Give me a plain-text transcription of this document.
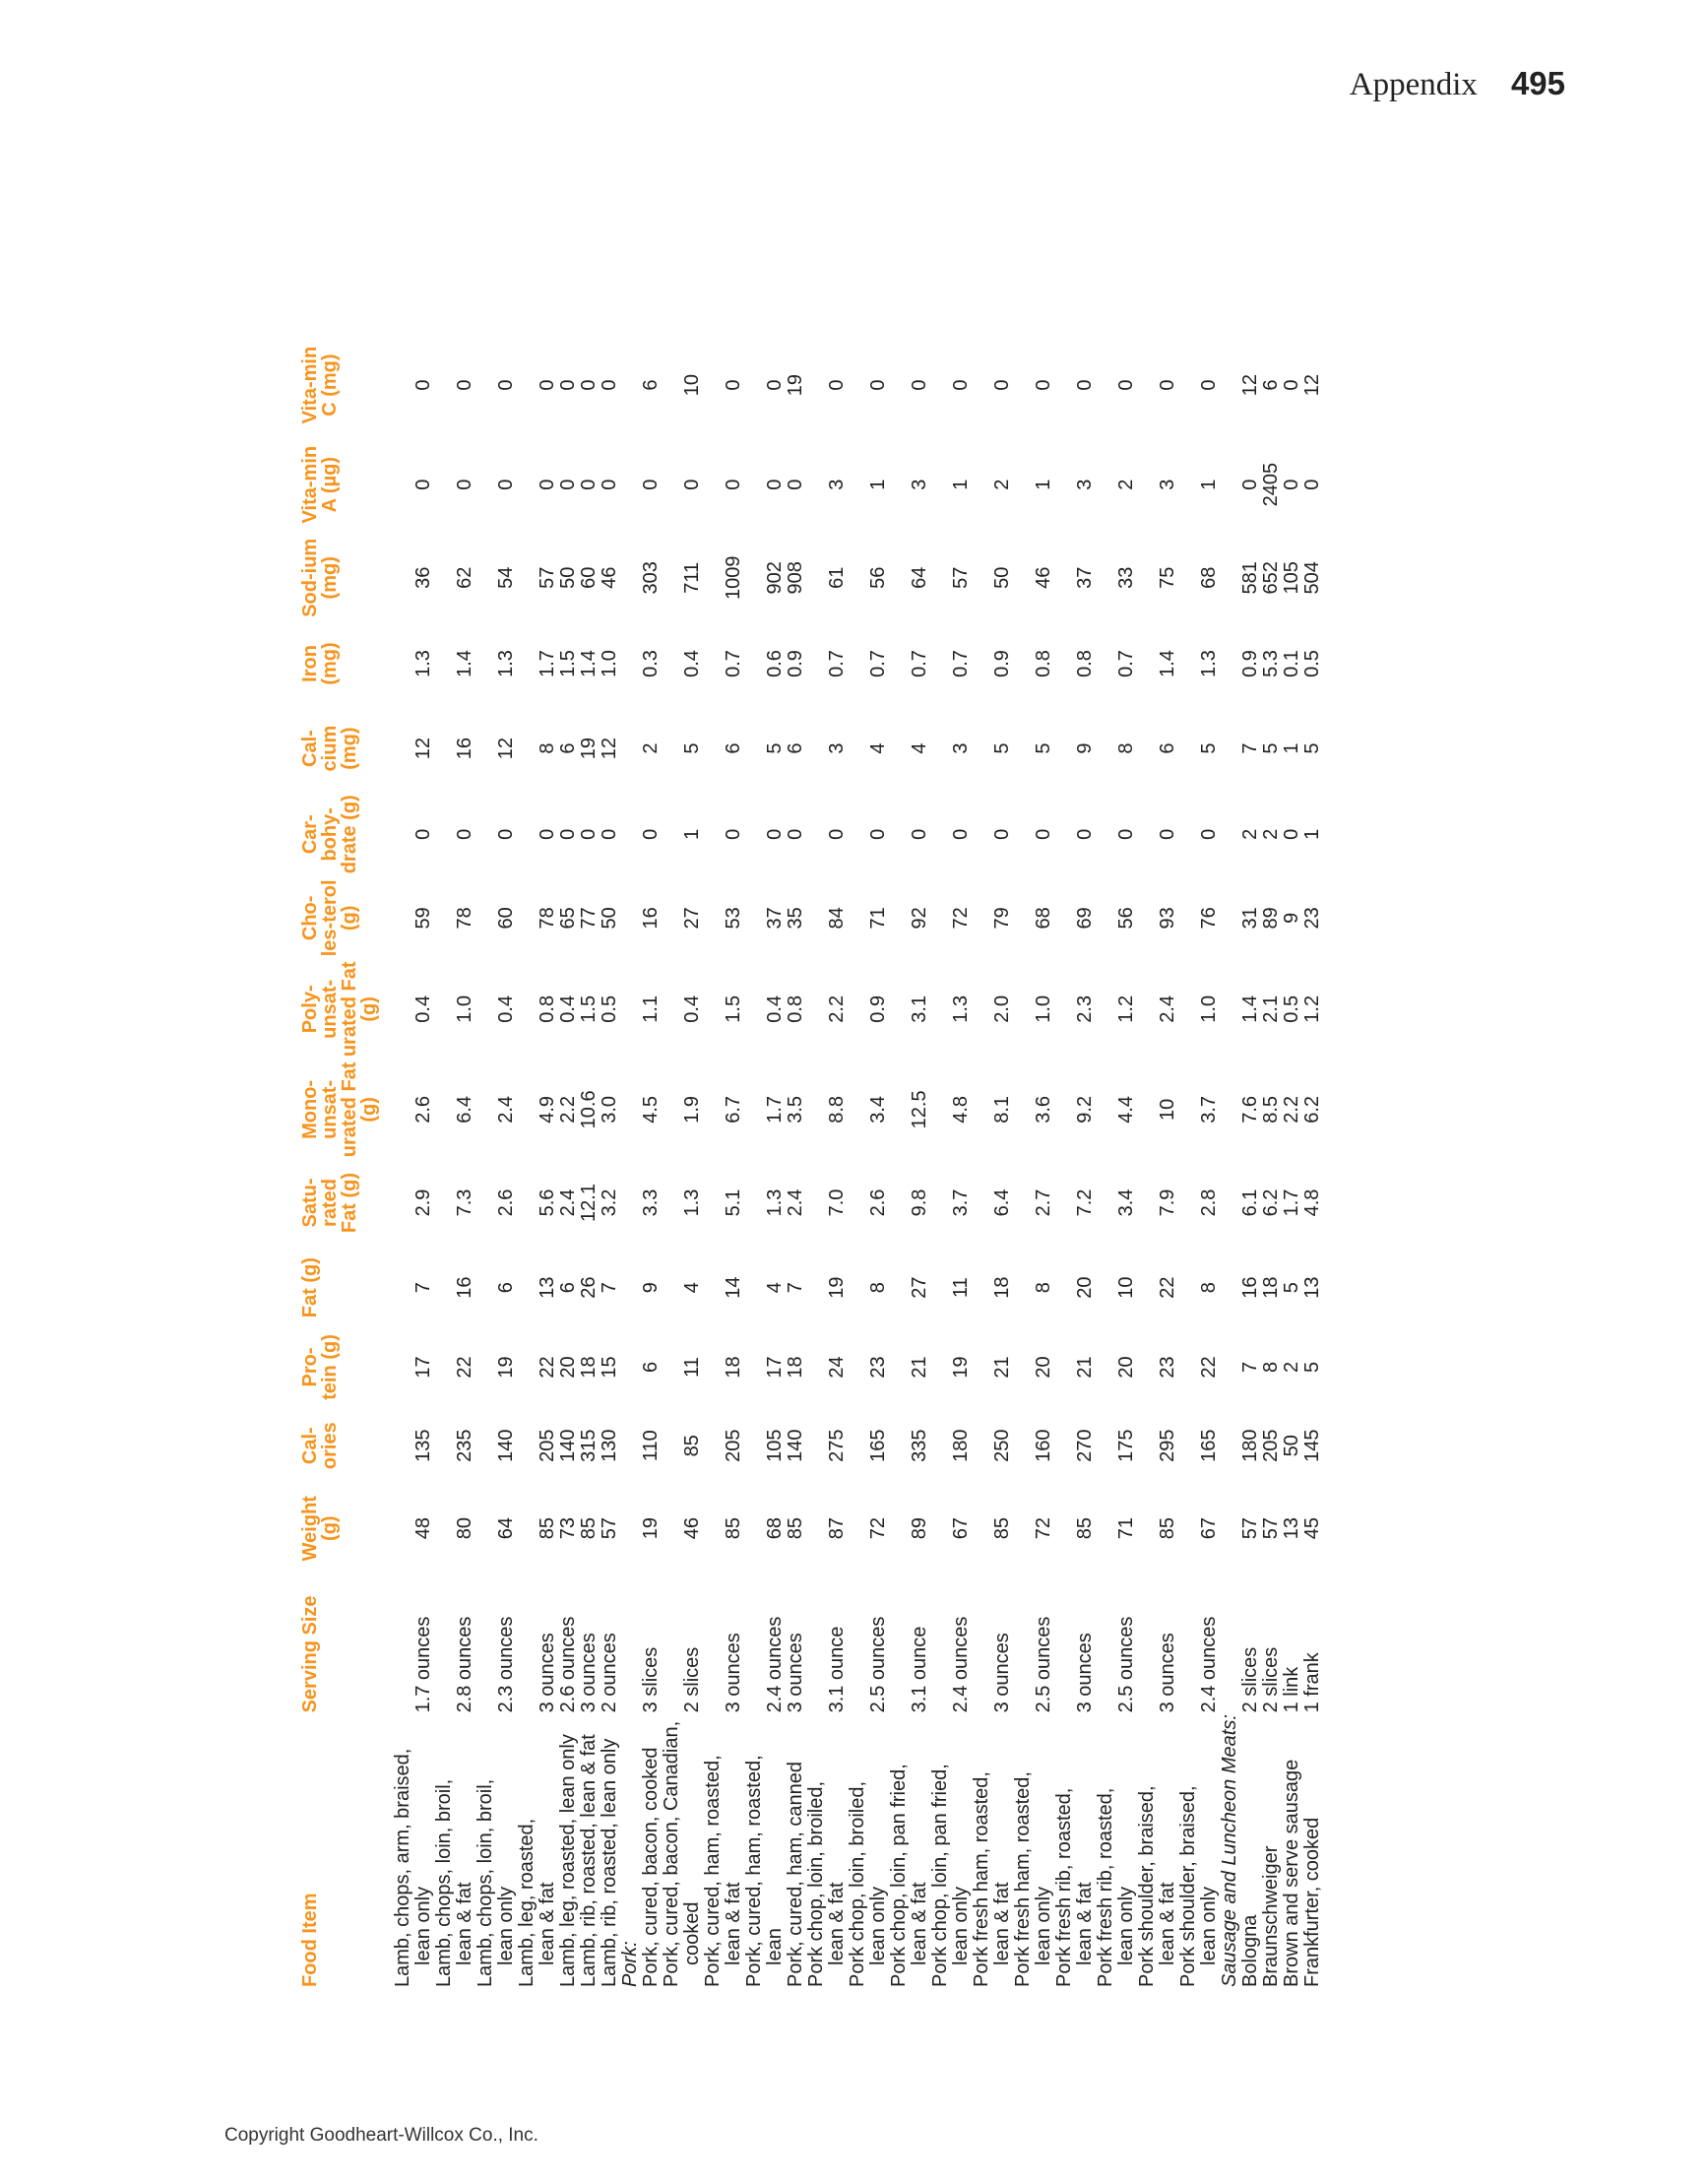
Appendix 495
Food Item	Serving Size	Weight (g)	Cal-ories	Pro-tein (g)	Fat (g)	Satu-rated Fat (g)	Mono-unsat-urated Fat (g)	Poly-unsat-urated Fat (g)	Cho-les-terol (g)	Car-bohy-drate (g)	Cal-cium (mg)	Iron (mg)	Sod-ium (mg)	Vita-min A (µg)	Vita-min C (mg)

Lamb, chops, arm, braised, lean only	1.7 ounces	48	135	17	7	2.9	2.6	0.4	59	0	12	1.3	36	0	0

Lamb, chops, loin, broil, lean & fat	2.8 ounces	80	235	22	16	7.3	6.4	1.0	78	0	16	1.4	62	0	0

Lamb, chops, loin, broil, lean only	2.3 ounces	64	140	19	6	2.6	2.4	0.4	60	0	12	1.3	54	0	0

Lamb, leg, roasted, lean & fat	3 ounces	85	205	22	13	5.6	4.9	0.8	78	0	8	1.7	57	0	0

Lamb, leg, roasted, lean only	2.6 ounces	73	140	20	6	2.4	2.2	0.4	65	0	6	1.5	50	0	0

Lamb, rib, roasted, lean & fat	3 ounces	85	315	18	26	12.1	10.6	1.5	77	0	19	1.4	60	0	0

Lamb, rib, roasted, lean only	2 ounces	57	130	15	7	3.2	3.0	0.5	50	0	12	1.0	46	0	0
Pork:															

Pork, cured, bacon, cooked	3 slices	19	110	6	9	3.3	4.5	1.1	16	0	2	0.3	303	0	6

Pork, cured, bacon, Canadian, cooked	2 slices	46	85	11	4	1.3	1.9	0.4	27	1	5	0.4	711	0	10

Pork, cured, ham, roasted, lean & fat	3 ounces	85	205	18	14	5.1	6.7	1.5	53	0	6	0.7	1009	0	0

Pork, cured, ham, roasted, lean	2.4 ounces	68	105	17	4	1.3	1.7	0.4	37	0	5	0.6	902	0	0

Pork, cured, ham, canned	3 ounces	85	140	18	7	2.4	3.5	0.8	35	0	6	0.9	908	0	19

Pork chop, loin, broiled, lean & fat	3.1 ounce	87	275	24	19	7.0	8.8	2.2	84	0	3	0.7	61	3	0

Pork chop, loin, broiled, lean only	2.5 ounces	72	165	23	8	2.6	3.4	0.9	71	0	4	0.7	56	1	0

Pork chop, loin, pan fried, lean & fat	3.1 ounce	89	335	21	27	9.8	12.5	3.1	92	0	4	0.7	64	3	0

Pork chop, loin, pan fried, lean only	2.4 ounces	67	180	19	11	3.7	4.8	1.3	72	0	3	0.7	57	1	0

Pork fresh ham, roasted, lean & fat	3 ounces	85	250	21	18	6.4	8.1	2.0	79	0	5	0.9	50	2	0

Pork fresh ham, roasted, lean only	2.5 ounces	72	160	20	8	2.7	3.6	1.0	68	0	5	0.8	46	1	0

Pork fresh rib, roasted, lean & fat	3 ounces	85	270	21	20	7.2	9.2	2.3	69	0	9	0.8	37	3	0

Pork fresh rib, roasted, lean only	2.5 ounces	71	175	20	10	3.4	4.4	1.2	56	0	8	0.7	33	2	0

Pork shoulder, braised, lean & fat	3 ounces	85	295	23	22	7.9	10	2.4	93	0	6	1.4	75	3	0

Pork shoulder, braised, lean only	2.4 ounces	67	165	22	8	2.8	3.7	1.0	76	0	5	1.3	68	1	0
Sausage and Luncheon Meats:															

Bologna	2 slices	57	180	7	16	6.1	7.6	1.4	31	2	7	0.9	581	0	12

Braunschweiger	2 slices	57	205	8	18	6.2	8.5	2.1	89	2	5	5.3	652	2405	6

Brown and serve sausage	1 link	13	50	2	5	1.7	2.2	0.5	9	0	1	0.1	105	0	0

Frankfurter, cooked	1 frank	45	145	5	13	4.8	6.2	1.2	23	1	5	0.5	504	0	12
Copyright Goodheart-Willcox Co., Inc.
